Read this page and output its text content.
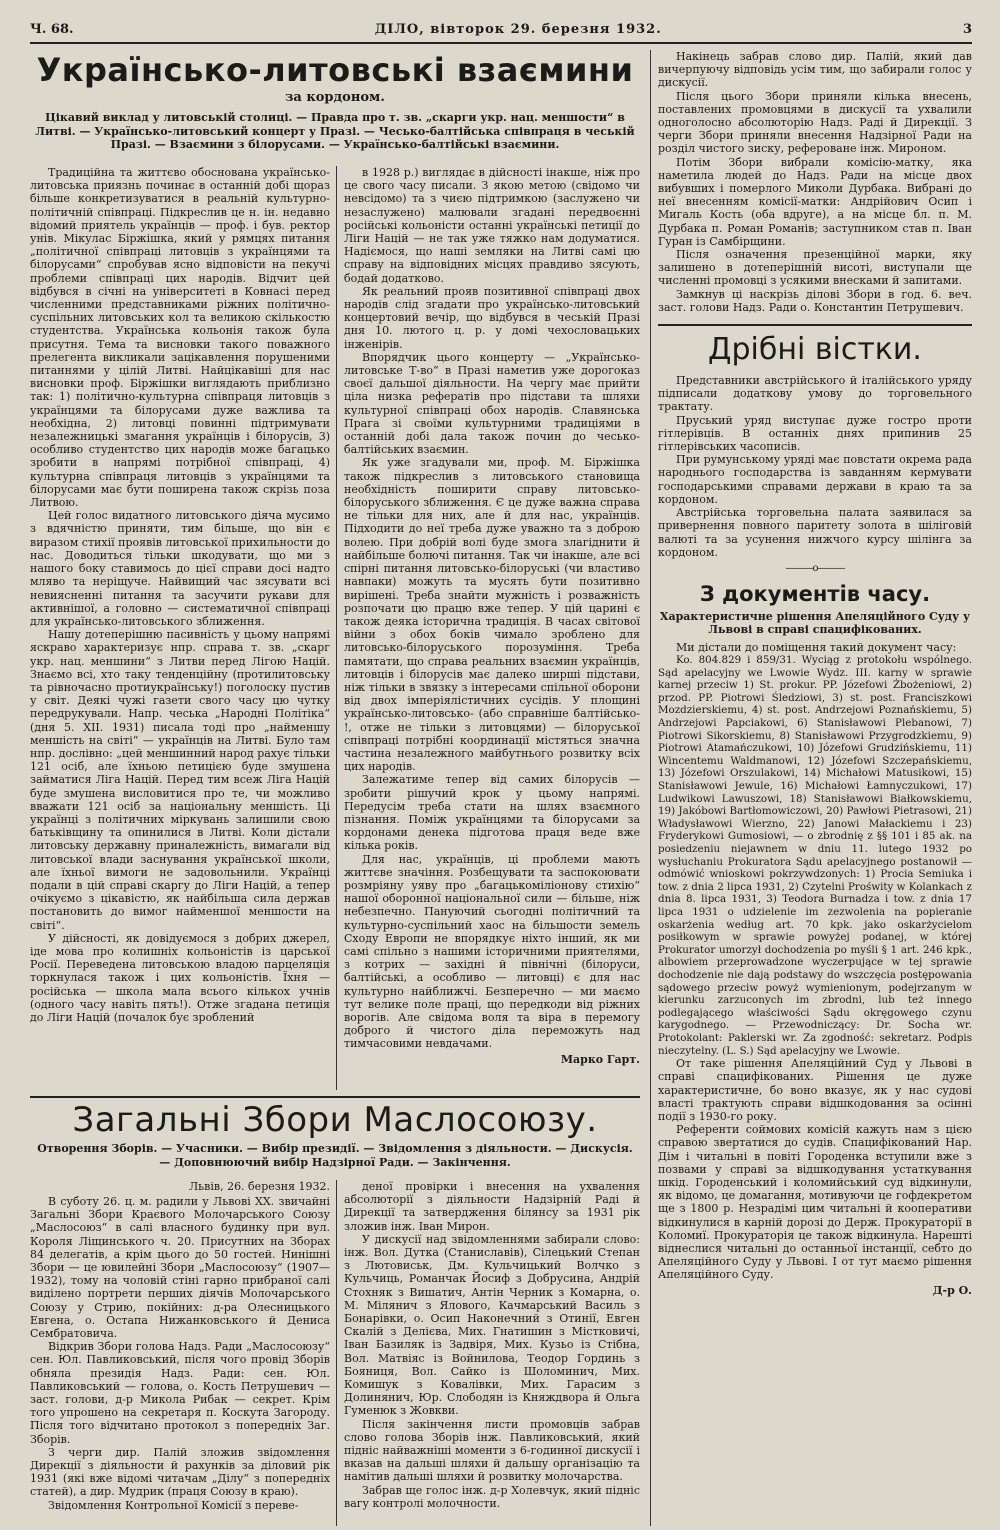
Ч. 68.	ДІЛО, вівторок 29. березня 1932.	3
Українсько-литовські взаємини
за кордоном.
Цікавий виклад у литовській столиці. — Правда про т. зв. „скарги укр. нац. меншости“ в Литві. — Українсько-литовський концерт у Празі. — Чесько-балтійська співпраця в чеській Празі. — Взаємини з білорусами. — Українсько-балтійські взаємини.

Традиційна та життєво обоснована українсько-литовська приязнь починає в останній добі щораз більше конкретизуватися в реальній культурно-політичній співпраці. Підкреслив це н. ін. недавно відомий приятель українців — проф. і був. ректор унів. Мікулас Біржішка, який у рямцях питання „політичної співпраці литовців з українцями та білорусами“ спробував ясно відповісти на пекучі проблеми співпраці цих народів. Відчит цей відбувся в січні на університеті в Ковнасі перед численними представниками ріжних політично-суспільних литовських кол та великою скількостю студентства. Українська кольонія також була присутня. Тема та висновки такого поважного прелегента викликали зацікавлення порушеними питаннями у цілій Литві. Найцікавіші для нас висновки проф. Біржішки виглядають приблизно так: 1) політично-культурна співпраця литовців з українцями та білорусами дуже важлива та необхідна, 2) литовці повинні підтримувати незалежницькі змагання українців і білорусів, 3) особливо студентство цих народів може багацько зробити в напрямі потрібної співпраці, 4) культурна співпраця литовців з українцями та білорусами має бути поширена також скрізь поза Литвою.

Цей голос видатного литовського діяча мусимо з вдячністю приняти, тим більше, що він є виразом стихії проявів литовської прихильности до нас. Доводиться тільки шкодувати, що ми з нашого боку ставимось до цієї справи досі надто мляво та неріщуче. Найвищий час зясувати всі невиясненні питання та засучити рукави для активнішої, а головно — систематичної співпраці для українсько-литовського зближення.

Нашу дотеперішню пасивність у цьому напрямі яскраво характеризує нпр. справа т. зв. „скарг укр. нац. меншини“ з Литви перед Лігою Націй. Знаємо всі, хто таку тенденційну (протилитовську та рівночасно протиукраїнську!) поголоску пустив у світ. Деякі чужі газети свого часу цю чутку передрукували. Напр. чеська „Народні Політіка“ (дня 5. XII. 1931) писала тоді про „найменшу меншість на світі“ — українців на Литві. Було там нпр. дослівно: „цей меншинний народ рахує тільки 121 осіб, але їхньою петицією буде змушена займатися Ліга Націй. Перед тим всеж Ліга Націй буде змушена висловитися про те, чи можливо вважати 121 осіб за національну меншість. Ці українці з політичних міркувань залишили свою батьківщину та опинилися в Литві. Коли дістали литовську державну приналежність, вимагали від литовської влади заснування української школи, але їхньої вимоги не задовольнили. Українці подали в цій справі скаргу до Ліги Націй, а тепер очікуємо з цікавістю, як найбільша сила держав постановить до вимог найменшої меншости на світі“.

У дійсності, як довідуємося з добрих джерел, іде мова про колишніх кольоністів із царської Росії. Переведена литовською владою парцеляція торкнулася також і цих кольоністів. Їхня — російська — школа мала всього кількох учнів (одного часу навіть пять!). Отже згадана петиція до Ліги Націй (почалок бує зроблений

в 1928 р.) виглядає в дійсності інакше, ніж про це свого часу писали. З якою метою (свідомо чи невсідомо) та з чиєю підтримкою (заслужено чи незаслужено) малювали згадані передвоєнні російські кольоністи останні українські петиції до Ліги Націй — не так уже тяжко нам додуматися. Надіємося, що наші земляки на Литві самі цю справу на відповідних місцях правдиво зясують, бодай додатково.

Як реальний прояв позитивної співпраці двох народів слід згадати про українсько-литовський концертовий вечір, що відбувся в чеській Празі дня 10. лютого ц. р. у домі чехословацьких інженірів.

Впорядчик цього концерту — „Українсько-литовське Т-во“ в Празі наметив уже дорогоказ своєї дальшої діяльности. На чергу має прийти ціла низка рефератів про підстави та шляхи культурної співпраці обох народів. Славянська Прага зі своїми культурними традиціями в останній добі дала також почин до чесько-балтійських взаємин.

Як уже згадували ми, проф. М. Біржішка також підкреслив з литовського становища необхідність поширити справу литовсько-білоруського зближення. Є це дуже важна справа не тільки для них, але й для нас, українців. Підходити до неї треба дуже уважно та з доброю волею. При добрій волі буде змога злагіднити й найбільше болючі питання. Так чи інакше, але всі спірні питання литовсько-білоруські (чи властиво навпаки) можуть та мусять бути позитивно вирішені. Треба знайти мужність і розважність розпочати цю працю вже тепер. У цій царині є також деяка історична традиція. В часах світової війни з обох боків чимало зроблено для литовсько-білоруського порозуміння. Треба памятати, що справа реальних взаємин українців, литовців і білорусів має далеко ширші підстави, ніж тільки в звязку з інтересами спільної оборони від двох імперіялістичних сусідів. У площині українсько-литовсько- (або справніше балтійсько- !, отже не тільки з литовцями) — білоруської співпраці потрібні координації містяться значна частина незалежного майбутнього розвитку всіх цих народів.

Залежатиме тепер від самих білорусів — зробити рішучий крок у цьому напрямі. Передусім треба стати на шлях взаємного пізнання. Поміж українцями та білорусами за кордонами денека підготова праця веде вже кілька років.

Для нас, українців, ці проблеми мають життєве значіння. Розбещувати та заспокоювати розмріяну уяву про „багацькоміліонову стихію“ нашої оборонної національної сили — більше, ніж небезпечно. Пануючий сьогодні політичний та культурно-суспільний хаос на більшости земель Сходу Европи не впорядкує ніхто інший, як ми самі спільно з нашими історичними приятелями, з котрих — західні й північні (білоруси, балтійські, а особливо — литовці) є для нас культурно найближчі. Безперечно — ми маємо тут велике поле праці, що передкоди від ріжних ворогів. Але свідома воля та віра в перемогу доброго й чистого діла переможуть над тимчасовими невдачами.

Марко Гарт.
Загальні Збори Маслосоюзу.
Отворення Зборів. — Учасники. — Вибір президії. — Звідомлення з діяльности. — Дискусія. — Доповнюючий вибір Надзірної Ради. — Закінчення.
Львів, 26. березня 1932.

В суботу 26. ц. м. радили у Львові XX. звичайні Загальні Збори Краєвого Молочарського Союзу „Маслосоюз“ в салі власного будинку при вул. Короля Ліщинського ч. 20. Присутних на Зборах 84 делегатів, а крім цього до 50 гостей. Нинішні Збори — це ювилейні Збори „Маслосоюзу“ (1907—1932), тому на чоловій стіні гарно прибраної салі виділено портрети перших діячів Молочарського Союзу у Стрию, покійних: д-ра Олесницького Евгена, о. Остапа Нижанковського й Дениса Сембратовича.

Відкрив Збори голова Надз. Ради „Маслосоюзу“ сен. Юл. Павликовський, після чого провід Зборів обняла президія Надз. Ради: сен. Юл. Павликовський — голова, о. Кость Петрушевич — заст. голови, д-р Микола Рибак — секрет. Крім того упрошено на секретаря п. Коскута Загороду. Після того відчитано протокол з попередніх Заг. Зборів.

З черги дир. Палій зложив звідомлення Дирекції з діяльности й рахунків за діловий рік 1931 (які вже відомі читачам „Ділу“ з попередніх статей), а дир. Мудрик (праця Союзу в краю).

Звідомлення Контрольної Комісії з переве-

деної провірки і внесення на ухвалення абсолюторії з діяльности Надзірній Раді й Дирекції та затвердження білянсу за 1931 рік зложив інж. Іван Мирон.

У дискусії над звідомленнями забирали слово: інж. Вол. Дутка (Станиславів), Сілецький Степан з Лютовиськ, Дм. Кульчицький Волчко з Кульчиць, Романчак Йосиф з Добрусина, Андрій Стохняк з Вишатич, Антін Черник з Комарна, о. М. Мілянич з Ялового, Качмарський Василь з Бонарівки, о. Осип Наконечний з Отинії, Евген Скалій з Делієва, Мих. Гнатишин з Містковичі, Іван Базиляк із Задвіря, Мих. Кузьо із Стібна, Вол. Матвіяс із Войнилова, Теодор Гординь з Бояниця, Вол. Сайко із Шоломинич, Мих. Комишук з Ковалівки, Мих. Гарасим з Долинянич, Юр. Слободян із Княждвора й Ольга Гуменюк з Жовкви.

Після закінчення листи промовців забрав слово голова Зборів інж. Павликовський, який підніс найважніші моменти з 6-годинної дискусії і вказав на дальші шляхи й дальшу організацію та намітив дальші шляхи й розвитку молочарства.

Забрав ще голос інж. д-р Холевчук, який підніс вагу контролі молочности.

Накінець забрав слово дир. Палій, який дав вичерпуючу відповідь усім тим, що забирали голос у дискусії.

Після цього Збори приняли кілька внесень, поставлених промовцями в дискусії та ухвалили одноголосно абсолюторію Надз. Раді й Дирекції. З черги Збори приняли внесення Надзірної Ради на розділ чистого зиску, рефероване інж. Мироном.

Потім Збори вибрали комісію-матку, яка наметила людей до Надз. Ради на місце двох вибувших і померлого Миколи Дурбака. Вибрані до неї внесенням комісії-матки: Андрійович Осип і Мигаль Кость (оба вдруге), а на місце бл. п. М. Дурбака п. Роман Романів; заступником став п. Іван Гуран із Самбірщини.

Після означення презенційної марки, яку залишено в дотеперішній висоті, виступали ще численні промовці з усякими внесками й запитами.

Замкнув ці наскрізь ділові Збори в год. 6. веч. заст. голови Надз. Ради о. Константин Петрушевич.

Дрібні вістки.

Представники австрійського й італійського уряду підписали додаткову умову до торговельного трактату.

Пруський уряд виступає дуже гостро проти гітлерівців. В останніх днях припинив 25 гітлерівських часописів.

При румунському уряді має повстати окрема рада народнього господарства із завданням кермувати господарськими справами держави в краю та за кордоном.

Австрійська торговельна палата заявилася за привернення повного паритету золота в шіліговій валюті та за усунення нижчого курсу шілінга за кордоном.

———o———
З документів часу.
Характеристичне рішення Апеляційного Суду у Львові в справі спацифікованих.

Ми дістали до поміщення такий документ часу:

Ko. 804.829 i 859/31. Wyciąg z protokołu wspólnego. Sąd apelacyjny we Lwowie Wydz. III. karny w sprawie karnej przeciw 1) St. prokur. PP. Józefowi Żbożeniowi, 2) przod. PP. Piotrowi Śledziowi, 3) st. post. Franciszkowi Mozdzierskiemu, 4) st. post. Andrzejowi Poznańskiemu, 5) Andrzejowi Papciakowi, 6) Stanisławowi Plebanowi, 7) Piotrowi Sikorskiemu, 8) Stanisławowi Przygrodzkiemu, 9) Piotrowi Atamańczukowi, 10) Józefowi Grudzińskiemu, 11) Wincentemu Waldmanowi, 12) Józefowi Szczepańskiemu, 13) Józefowi Orszulakowi, 14) Michałowi Matusikowi, 15) Stanisławowi Jewule, 16) Michałowi Łamnyczukowi, 17) Ludwikowi Lawuszowi, 18) Stanisławowi Białkowskiemu, 19) Jakóbowi Bartłomowiczowi, 20) Pawłowi Pietrasowi, 21) Władysławowi Wierzno, 22) Janowi Małackiemu i 23) Fryderykowi Gumosiowi, — o zbrodnię z §§ 101 i 85 ak. na posiedzeniu niejawnem w dniu 11. lutego 1932 po wysłuchaniu Prokuratora Sądu apelacyjnego postanowił — odmówić wnioskowi pokrzywdzonych: 1) Procia Semiuka i tow. z dnia 2 lipca 1931, 2) Czytelni Proświty w Kolankach z dnia 8. lipca 1931, 3) Teodora Burnadza i tow. z dnia 17 lipca 1931 o udzielenie im zezwolenia na popieranie oskarżenia według art. 70 kpk. jako oskarżycielom posiłkowym w sprawie powyżej podanej, w której Prokurator umorzył dochodzenia po myśli § 1 art. 246 kpk., albowiem przeprowadzone wyczerpujące w tej sprawie dochodzenie nie dają podstawy do wszczęcia postępowania sądowego przeciw powyż wymienionym, podejrzanym w kierunku zarzuconych im zbrodni, lub też innego podlegającego właściwości Sądu okręgowego czynu karygodnego. — Przewodniczący: Dr. Socha wr. Protokolant: Paklerski wr. Za zgodność: sekretarz. Podpis nieczytelny. (L. S.) Sąd apelacyjny we Lwowie.

От таке рішення Апеляційний Суд у Львові в справі спацифікованих. Рішення це дуже характеристичне, бо воно вказує, як у нас судові власті трактують справи відшкодовання за осінні події з 1930-го року.

Референти соймових комісій кажуть нам з цією справою звертатися до судів. Спацифікований Нар. Дім і читальні в повіті Городенка вступили вже з позвами у справі за відшкодування устаткування шкід. Городенський і коломийський суд відкинули, як відомо, це домагання, мотивуючи це гофдекретом ще з 1800 р. Незрадімі цим читальні й кооперативи відкинулися в карній дорозі до Держ. Прокураторії в Коломиї. Прокураторія це також відкинула. Нарешті віднеслися читальні до останньої інстанції, себто до Апеляційного Суду у Львові. І от тут маємо рішення Апеляційного Суду.

Д-р О.
